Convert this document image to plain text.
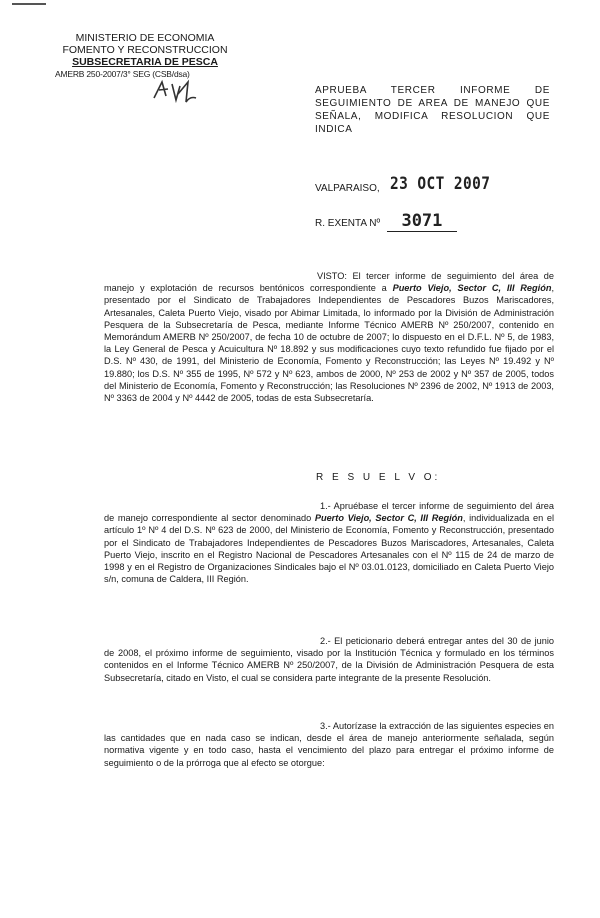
MINISTERIO DE ECONOMIA
FOMENTO Y RECONSTRUCCION
SUBSECRETARIA DE PESCA
AMERB 250-2007/3° SEG (CSB/dsa)
APRUEBA TERCER INFORME DE SEGUIMIENTO DE AREA DE MANEJO QUE SEÑALA, MODIFICA RESOLUCION QUE INDICA
VALPARAISO, 23 OCT 2007
R. EXENTA Nº 3071

VISTO: El tercer informe de seguimiento del área de manejo y explotación de recursos bentónicos correspondiente a Puerto Viejo, Sector C, III Región, presentado por el Sindicato de Trabajadores Independientes de Pescadores Buzos Mariscadores, Artesanales, Caleta Puerto Viejo, visado por Abimar Limitada, lo informado por la División de Administración Pesquera de la Subsecretaría de Pesca, mediante Informe Técnico AMERB Nº 250/2007, contenido en Memorándum AMERB Nº 250/2007, de fecha 10 de octubre de 2007; lo dispuesto en el D.F.L. Nº 5, de 1983, la Ley General de Pesca y Acuicultura Nº 18.892 y sus modificaciones cuyo texto refundido fue fijado por el D.S. Nº 430, de 1991, del Ministerio de Economía, Fomento y Reconstrucción; las Leyes Nº 19.492 y Nº 19.880; los D.S. Nº 355 de 1995, Nº 572 y Nº 623, ambos de 2000, Nº 253 de 2002 y Nº 357 de 2005, todos del Ministerio de Economía, Fomento y Reconstrucción; las Resoluciones Nº 2396 de 2002, Nº 1913 de 2003, Nº 3363 de 2004 y Nº 4442 de 2005, todas de esta Subsecretaría.

R E S U E L V O:

1.- Apruébase el tercer informe de seguimiento del área de manejo correspondiente al sector denominado Puerto Viejo, Sector C, III Región, individualizada en el artículo 1º Nº 4 del D.S. Nº 623 de 2000, del Ministerio de Economía, Fomento y Reconstrucción, presentado por el Sindicato de Trabajadores Independientes de Pescadores Buzos Mariscadores, Artesanales, Caleta Puerto Viejo, inscrito en el Registro Nacional de Pescadores Artesanales con el Nº 115 de 24 de marzo de 1998 y en el Registro de Organizaciones Sindicales bajo el Nº 03.01.0123, domiciliado en Caleta Puerto Viejo s/n, comuna de Caldera, III Región.

2.- El peticionario deberá entregar antes del 30 de junio de 2008, el próximo informe de seguimiento, visado por la Institución Técnica y formulado en los términos contenidos en el Informe Técnico AMERB Nº 250/2007, de la División de Administración Pesquera de esta Subsecretaría, citado en Visto, el cual se considera parte integrante de la presente Resolución.

3.- Autorízase la extracción de las siguientes especies en las cantidades que en nada caso se indican, desde el área de manejo anteriormente señalada, según normativa vigente y en todo caso, hasta el vencimiento del plazo para entregar el próximo informe de seguimiento o de la prórroga que al efecto se otorgue:
